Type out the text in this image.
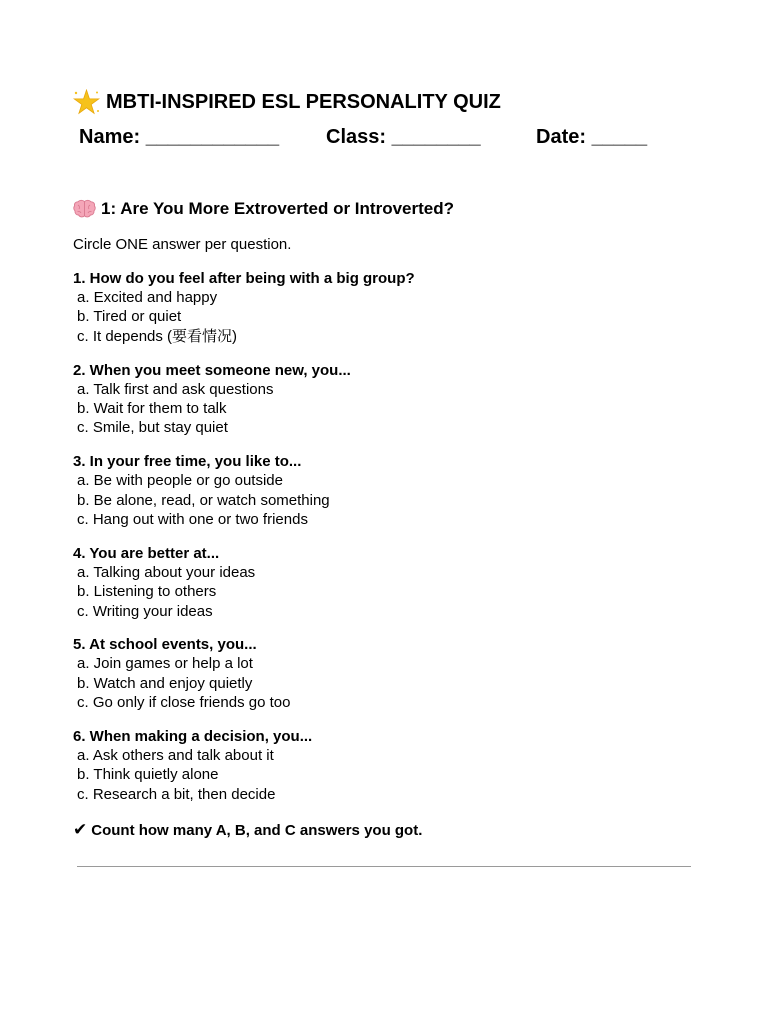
MBTI-INSPIRED ESL PERSONALITY QUIZ
Name: ____________ Class: ________	Date: _____
1: Are You More Extroverted or Introverted?
Circle ONE answer per question.
1. How do you feel after being with a big group?
a. Excited and happy
b. Tired or quiet
c. It depends (要看情况)
2. When you meet someone new, you...
a. Talk first and ask questions
b. Wait for them to talk
c. Smile, but stay quiet
3. In your free time, you like to...
a. Be with people or go outside
b. Be alone, read, or watch something
c. Hang out with one or two friends
4. You are better at...
a. Talking about your ideas
b. Listening to others
c. Writing your ideas
5. At school events, you...
a. Join games or help a lot
b. Watch and enjoy quietly
c. Go only if close friends go too
6. When making a decision, you...
a. Ask others and talk about it
b. Think quietly alone
c. Research a bit, then decide
✔ Count how many A, B, and C answers you got.
